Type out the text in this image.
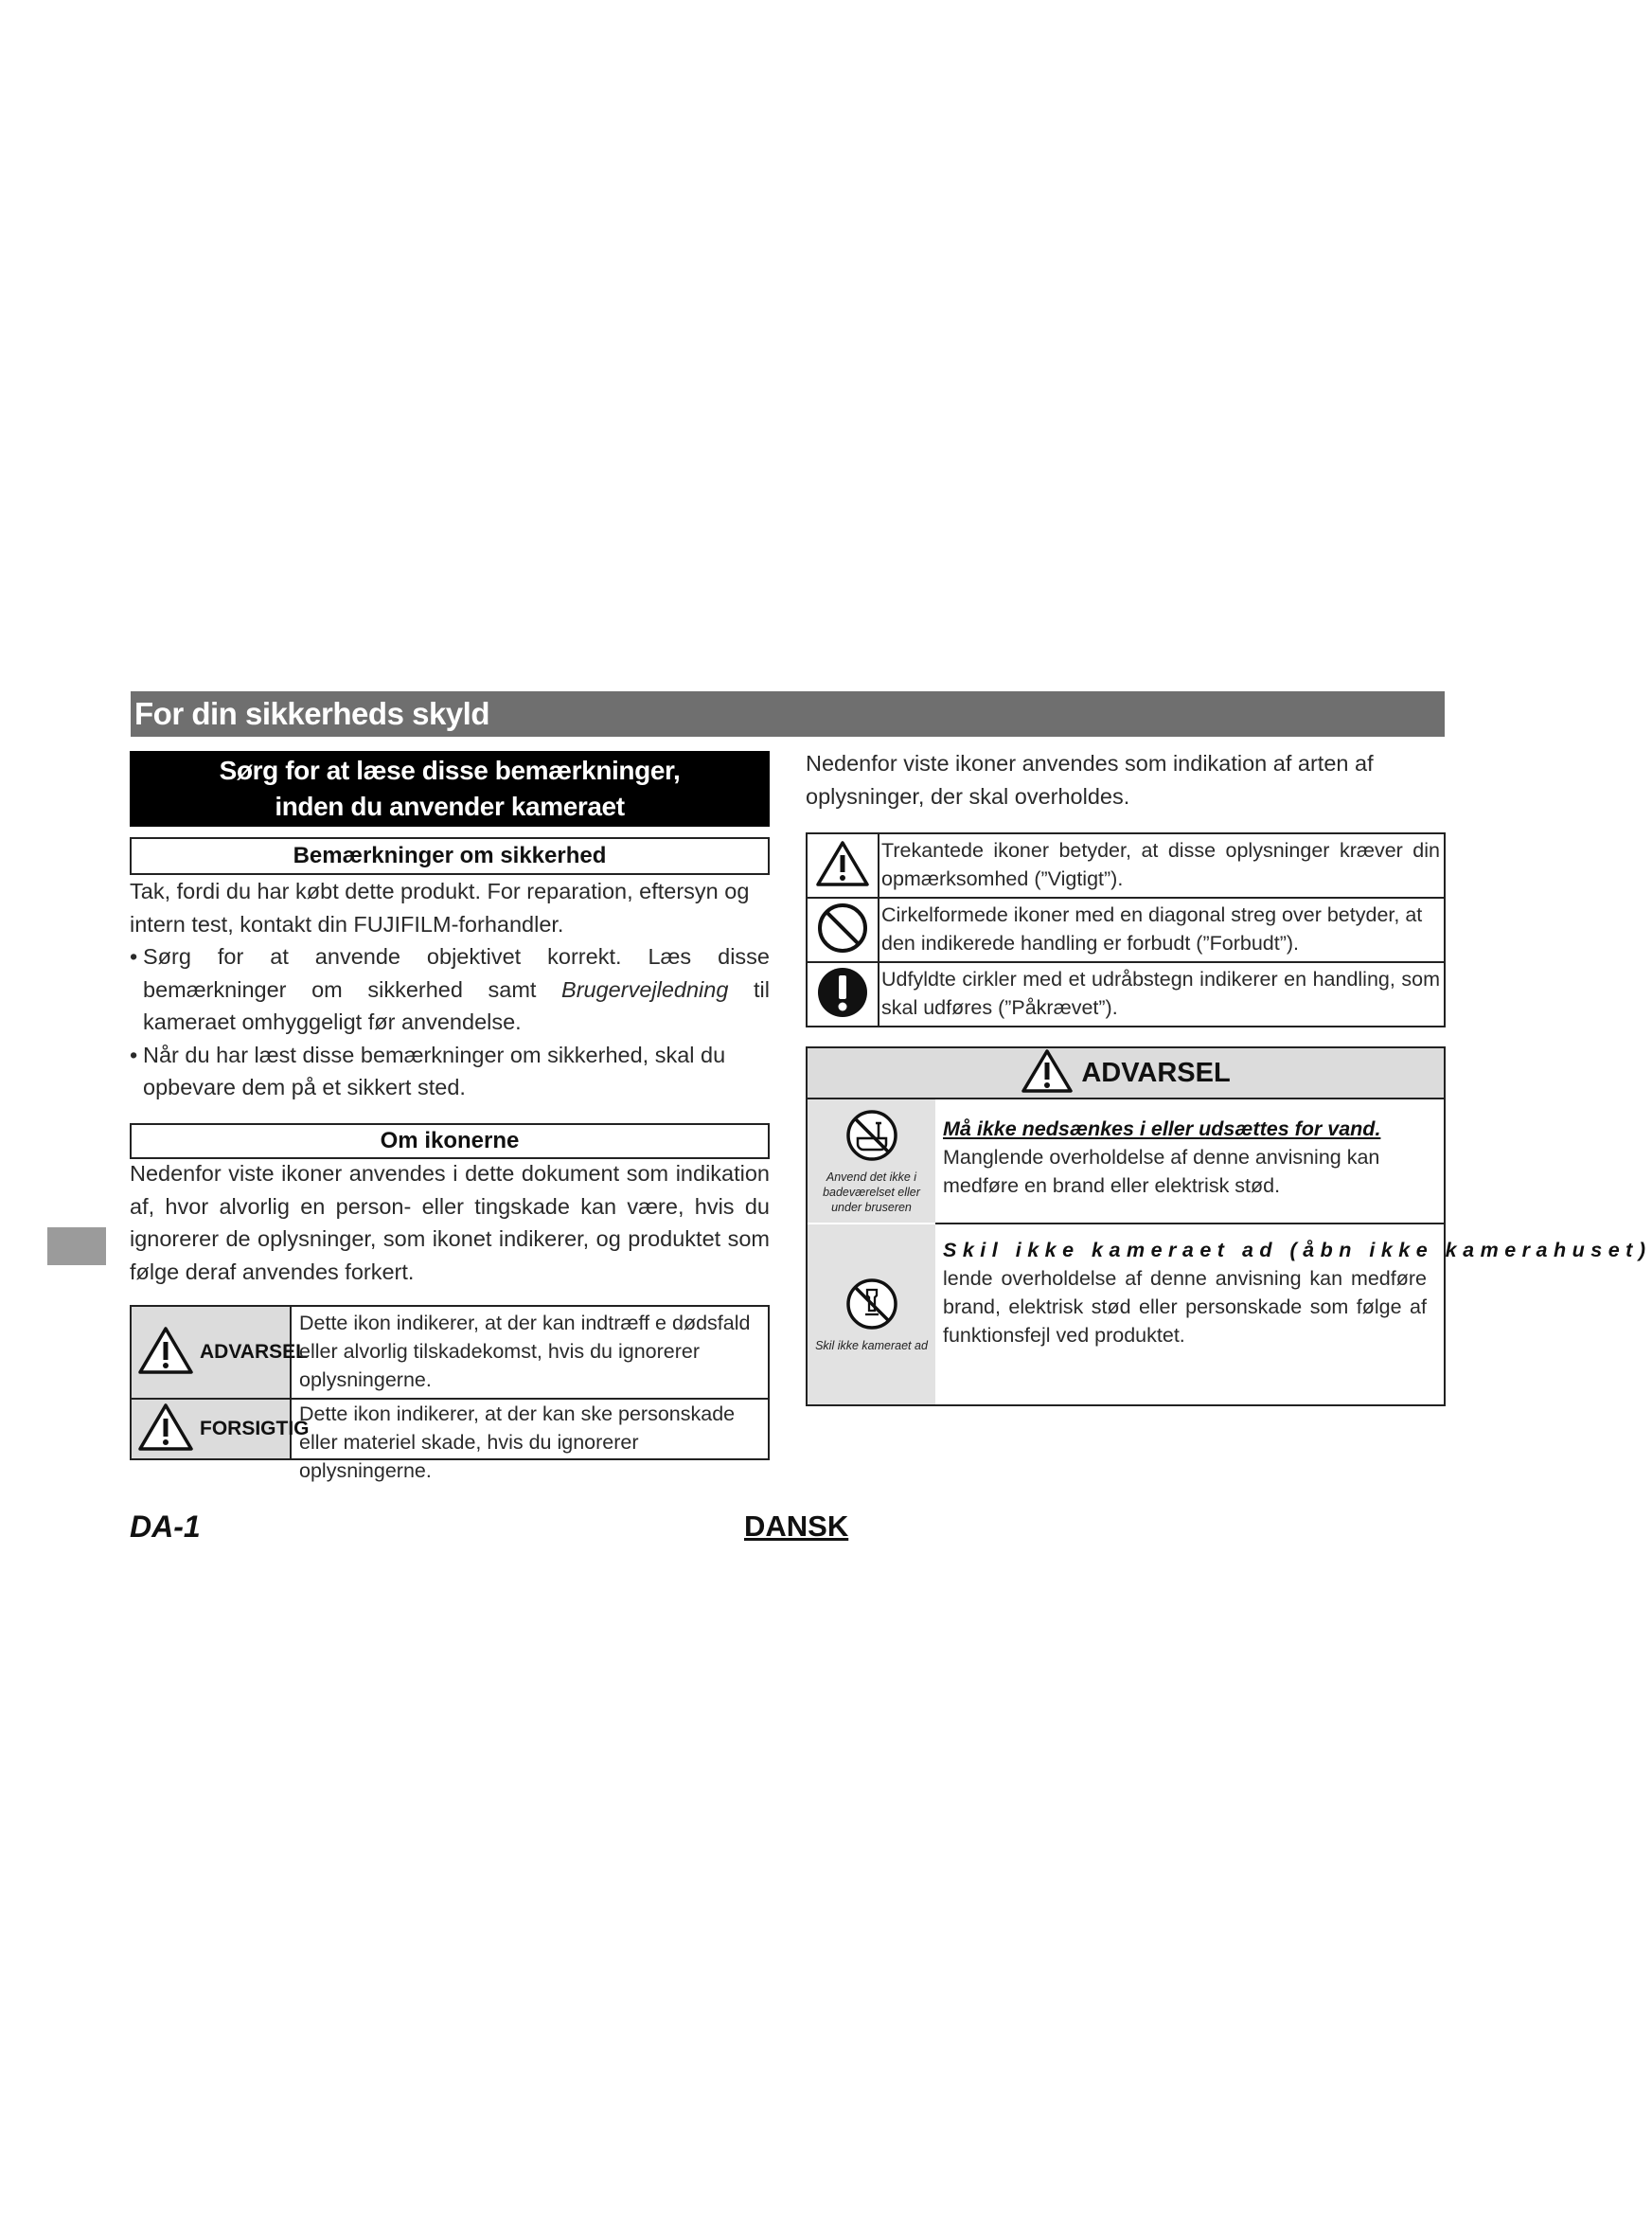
For din sikkerheds skyld
Sørg for at læse disse bemærkninger, inden du anvender kameraet
Bemærkninger om sikkerhed
Tak, fordi du har købt dette produkt. For reparation, eftersyn og intern test, kontakt din FUJIFILM-forhandler.
• Sørg for at anvende objektivet korrekt. Læs disse bemærkninger om sikkerhed samt Brugervejledning til kameraet omhyggeligt før anvendelse.
• Når du har læst disse bemærkninger om sikkerhed, skal du opbevare dem på et sikkert sted.
Om ikonerne
Nedenfor viste ikoner anvendes i dette dokument som indikation af, hvor alvorlig en person- eller tingskade kan være, hvis du ignorerer de oplysninger, som ikonet indikerer, og produktet som følge deraf anvendes forkert.
ADVARSEL
Dette ikon indikerer, at der kan indtræff e dødsfald eller alvorlig tilskadekomst, hvis du ignorerer oplysningerne.
FORSIGTIG
Dette ikon indikerer, at der kan ske personskade eller materiel skade, hvis du ignorerer oplysningerne.
Nedenfor viste ikoner anvendes som indikation af arten af oplysninger, der skal overholdes.
Trekantede ikoner betyder, at disse oplysninger kræver din opmærksomhed (”Vigtigt”).
Cirkelformede ikoner med en diagonal streg over betyder, at den indikerede handling er forbudt (”Forbudt”).
Udfyldte cirkler med et udråbstegn indikerer en handling, som skal udføres (”Påkrævet”).
ADVARSEL
Anvend det ikke i badeværelset eller under bruseren
Må ikke nedsænkes i eller udsættes for vand. Manglende overholdelse af denne anvisning kan medføre en brand eller elektrisk stød.
Skil ikke kameraet ad
Skil ikke kameraet ad (åbn ikke kamerahuset)
lende overholdelse af denne anvisning kan medføre brand, elektrisk stød eller personskade som følge af funktionsfejl ved produktet.
DA-1	DANSK
